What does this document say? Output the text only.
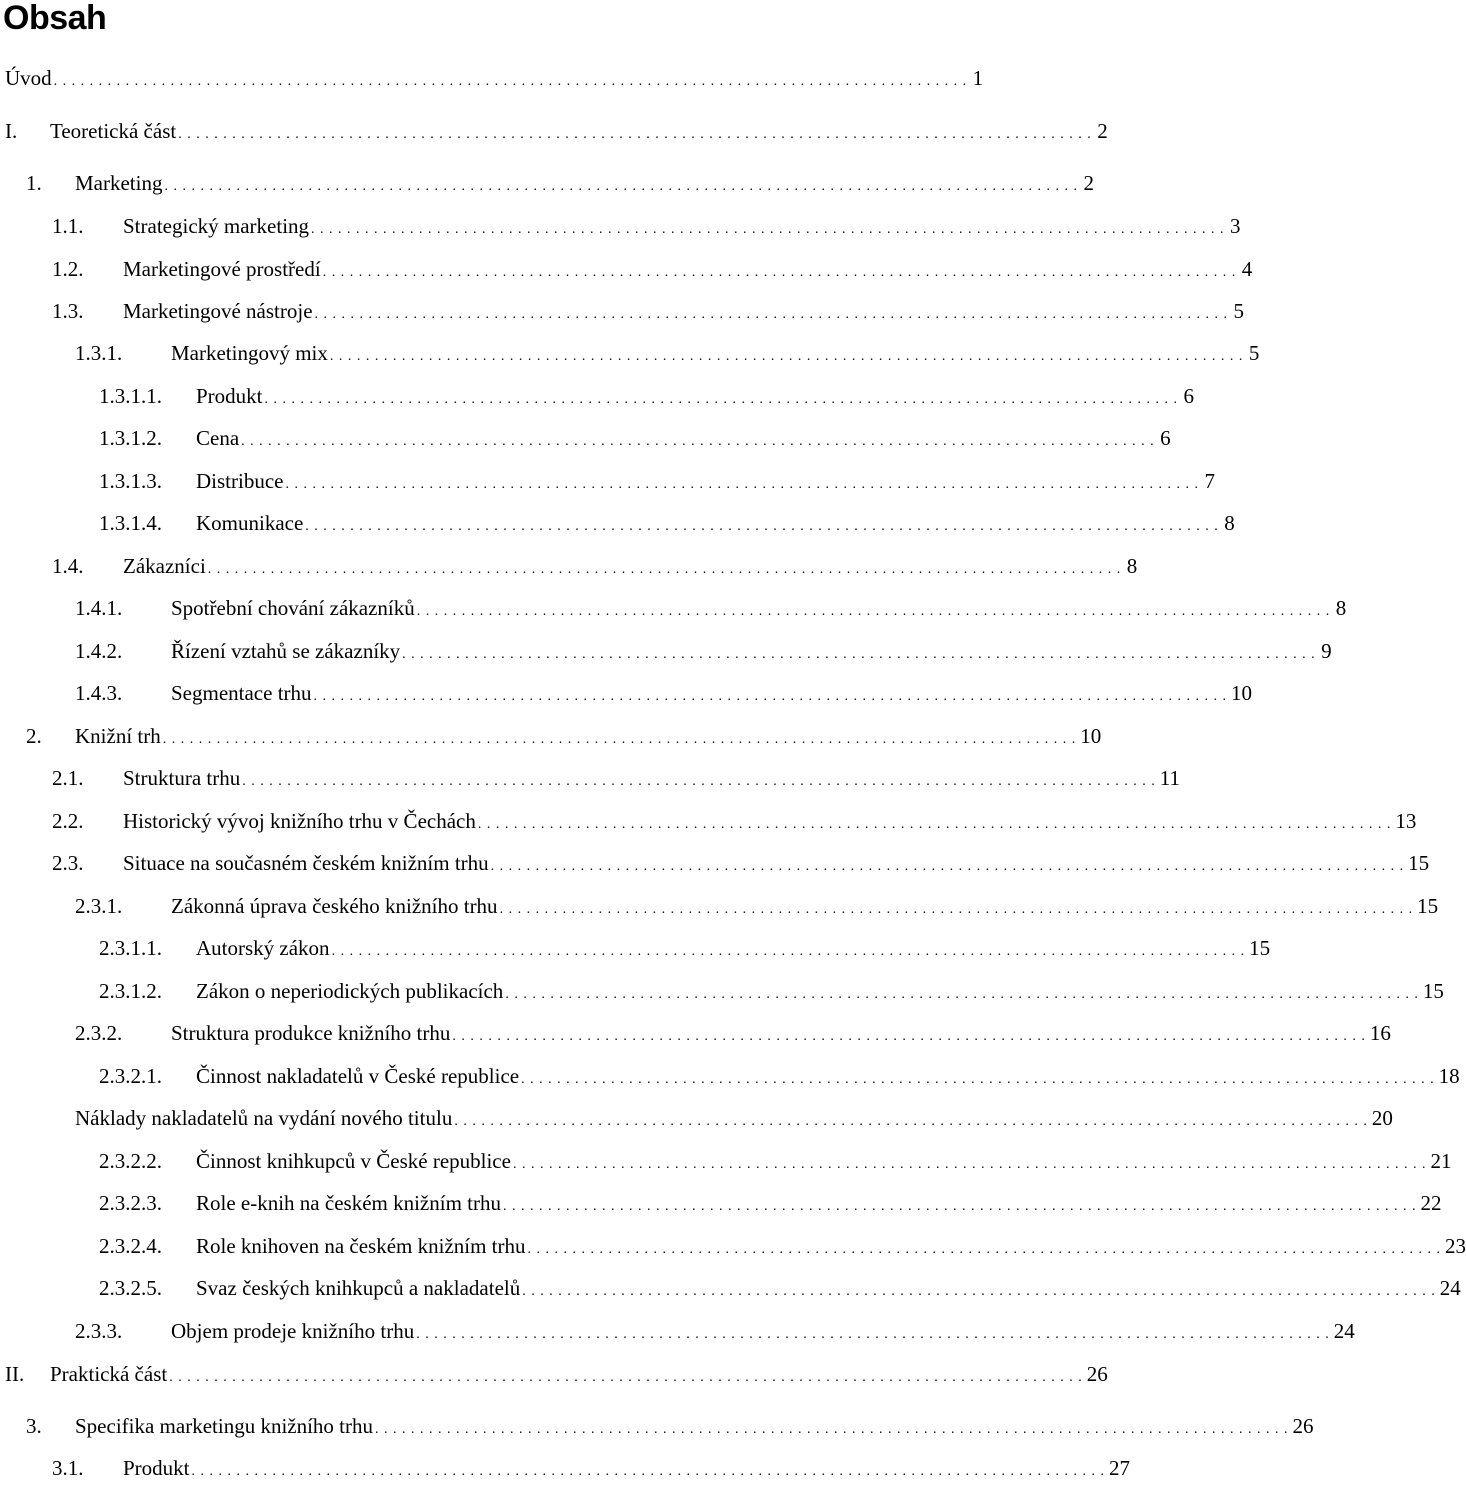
Obsah
Úvod . . . . . . . . . . . . . . . . . . . . . . . . . . . . . . . . . . . . . . . . . . . . . . . . . . . . . . . . . . . . . . . . . . . . . . . . . . . . . . . . . . . . . . . . . . . . . . . . . . . . . . 1
I. Teoretická část . . . . . . . . . . . . . . . . . . . . . . . . . . . . . . . . . . . . . . . . . . . . . . . . . . . . . . . . . . . . . . . . . . . . . . . . . . . . . . . . . . . . . . . . . . . . . . . . . . . . . . 2
1. Marketing . . . . . . . . . . . . . . . . . . . . . . . . . . . . . . . . . . . . . . . . . . . . . . . . . . . . . . . . . . . . . . . . . . . . . . . . . . . . . . . . . . . . . . . . . . . . . . . . . . . . . . 2
1.1. Strategický marketing . . . . . . . . . . . . . . . . . . . . . . . . . . . . . . . . . . . . . . . . . . . . . . . . . . . . . . . . . . . . . . . . . . . . . . . . . . . . . . . . . . . . . . . . . . . . . . . . . . . . . . 3
1.2. Marketingové prostředí . . . . . . . . . . . . . . . . . . . . . . . . . . . . . . . . . . . . . . . . . . . . . . . . . . . . . . . . . . . . . . . . . . . . . . . . . . . . . . . . . . . . . . . . . . . . . . . . . . . . . . 4
1.3. Marketingové nástroje . . . . . . . . . . . . . . . . . . . . . . . . . . . . . . . . . . . . . . . . . . . . . . . . . . . . . . . . . . . . . . . . . . . . . . . . . . . . . . . . . . . . . . . . . . . . . . . . . . . . . . 5
1.3.1. Marketingový mix . . . . . . . . . . . . . . . . . . . . . . . . . . . . . . . . . . . . . . . . . . . . . . . . . . . . . . . . . . . . . . . . . . . . . . . . . . . . . . . . . . . . . . . . . . . . . . . . . . . . . . 5
1.3.1.1. Produkt . . . . . . . . . . . . . . . . . . . . . . . . . . . . . . . . . . . . . . . . . . . . . . . . . . . . . . . . . . . . . . . . . . . . . . . . . . . . . . . . . . . . . . . . . . . . . . . . . . . . . . 6
1.3.1.2. Cena . . . . . . . . . . . . . . . . . . . . . . . . . . . . . . . . . . . . . . . . . . . . . . . . . . . . . . . . . . . . . . . . . . . . . . . . . . . . . . . . . . . . . . . . . . . . . . . . . . . . . . 6
1.3.1.3. Distribuce . . . . . . . . . . . . . . . . . . . . . . . . . . . . . . . . . . . . . . . . . . . . . . . . . . . . . . . . . . . . . . . . . . . . . . . . . . . . . . . . . . . . . . . . . . . . . . . . . . . . . . 7
1.3.1.4. Komunikace . . . . . . . . . . . . . . . . . . . . . . . . . . . . . . . . . . . . . . . . . . . . . . . . . . . . . . . . . . . . . . . . . . . . . . . . . . . . . . . . . . . . . . . . . . . . . . . . . . . . . . 8
1.4. Zákazníci . . . . . . . . . . . . . . . . . . . . . . . . . . . . . . . . . . . . . . . . . . . . . . . . . . . . . . . . . . . . . . . . . . . . . . . . . . . . . . . . . . . . . . . . . . . . . . . . . . . . . . 8
1.4.1. Spotřební chování zákazníků . . . . . . . . . . . . . . . . . . . . . . . . . . . . . . . . . . . . . . . . . . . . . . . . . . . . . . . . . . . . . . . . . . . . . . . . . . . . . . . . . . . . . . . . . . . . . . . . . . . . . . 8
1.4.2. Řízení vztahů se zákazníky . . . . . . . . . . . . . . . . . . . . . . . . . . . . . . . . . . . . . . . . . . . . . . . . . . . . . . . . . . . . . . . . . . . . . . . . . . . . . . . . . . . . . . . . . . . . . . . . . . . . . . 9
1.4.3. Segmentace trhu . . . . . . . . . . . . . . . . . . . . . . . . . . . . . . . . . . . . . . . . . . . . . . . . . . . . . . . . . . . . . . . . . . . . . . . . . . . . . . . . . . . . . . . . . . . . . . . . . . . . . . 10
2. Knižní trh . . . . . . . . . . . . . . . . . . . . . . . . . . . . . . . . . . . . . . . . . . . . . . . . . . . . . . . . . . . . . . . . . . . . . . . . . . . . . . . . . . . . . . . . . . . . . . . . . . . . . . 10
2.1. Struktura trhu . . . . . . . . . . . . . . . . . . . . . . . . . . . . . . . . . . . . . . . . . . . . . . . . . . . . . . . . . . . . . . . . . . . . . . . . . . . . . . . . . . . . . . . . . . . . . . . . . . . . . . 11
2.2. Historický vývoj knižního trhu v Čechách . . . . . . . . . . . . . . . . . . . . . . . . . . . . . . . . . . . . . . . . . . . . . . . . . . . . . . . . . . . . . . . . . . . . . . . . . . . . . . . . . . . . . . . . . . . . . . . . . . . . . . 13
2.3. Situace na současném českém knižním trhu . . . . . . . . . . . . . . . . . . . . . . . . . . . . . . . . . . . . . . . . . . . . . . . . . . . . . . . . . . . . . . . . . . . . . . . . . . . . . . . . . . . . . . . . . . . . . . . . . . . . . . 15
2.3.1. Zákonná úprava českého knižního trhu . . . . . . . . . . . . . . . . . . . . . . . . . . . . . . . . . . . . . . . . . . . . . . . . . . . . . . . . . . . . . . . . . . . . . . . . . . . . . . . . . . . . . . . . . . . . . . . . . . . . . . 15
2.3.1.1. Autorský zákon . . . . . . . . . . . . . . . . . . . . . . . . . . . . . . . . . . . . . . . . . . . . . . . . . . . . . . . . . . . . . . . . . . . . . . . . . . . . . . . . . . . . . . . . . . . . . . . . . . . . . . 15
2.3.1.2. Zákon o neperiodických publikacích . . . . . . . . . . . . . . . . . . . . . . . . . . . . . . . . . . . . . . . . . . . . . . . . . . . . . . . . . . . . . . . . . . . . . . . . . . . . . . . . . . . . . . . . . . . . . . . . . . . . . . 15
2.3.2. Struktura produkce knižního trhu . . . . . . . . . . . . . . . . . . . . . . . . . . . . . . . . . . . . . . . . . . . . . . . . . . . . . . . . . . . . . . . . . . . . . . . . . . . . . . . . . . . . . . . . . . . . . . . . . . . . . . 16
2.3.2.1. Činnost nakladatelů v České republice . . . . . . . . . . . . . . . . . . . . . . . . . . . . . . . . . . . . . . . . . . . . . . . . . . . . . . . . . . . . . . . . . . . . . . . . . . . . . . . . . . . . . . . . . . . . . . . . . . . . . . 18
Náklady nakladatelů na vydání nového titulu . . . . . . . . . . . . . . . . . . . . . . . . . . . . . . . . . . . . . . . . . . . . . . . . . . . . . . . . . . . . . . . . . . . . . . . . . . . . . . . . . . . . . . . . . . . . . . . . . . . . . . 20
2.3.2.2. Činnost knihkupců v České republice . . . . . . . . . . . . . . . . . . . . . . . . . . . . . . . . . . . . . . . . . . . . . . . . . . . . . . . . . . . . . . . . . . . . . . . . . . . . . . . . . . . . . . . . . . . . . . . . . . . . . . 21
2.3.2.3. Role e-knih na českém knižním trhu . . . . . . . . . . . . . . . . . . . . . . . . . . . . . . . . . . . . . . . . . . . . . . . . . . . . . . . . . . . . . . . . . . . . . . . . . . . . . . . . . . . . . . . . . . . . . . . . . . . . . . 22
2.3.2.4. Role knihoven na českém knižním trhu . . . . . . . . . . . . . . . . . . . . . . . . . . . . . . . . . . . . . . . . . . . . . . . . . . . . . . . . . . . . . . . . . . . . . . . . . . . . . . . . . . . . . . . . . . . . . . . . . . . . . . 23
2.3.2.5. Svaz českých knihkupců a nakladatelů . . . . . . . . . . . . . . . . . . . . . . . . . . . . . . . . . . . . . . . . . . . . . . . . . . . . . . . . . . . . . . . . . . . . . . . . . . . . . . . . . . . . . . . . . . . . . . . . . . . . . . 24
2.3.3. Objem prodeje knižního trhu . . . . . . . . . . . . . . . . . . . . . . . . . . . . . . . . . . . . . . . . . . . . . . . . . . . . . . . . . . . . . . . . . . . . . . . . . . . . . . . . . . . . . . . . . . . . . . . . . . . . . . 24
II. Praktická část . . . . . . . . . . . . . . . . . . . . . . . . . . . . . . . . . . . . . . . . . . . . . . . . . . . . . . . . . . . . . . . . . . . . . . . . . . . . . . . . . . . . . . . . . . . . . . . . . . . . . . 26
3. Specifika marketingu knižního trhu . . . . . . . . . . . . . . . . . . . . . . . . . . . . . . . . . . . . . . . . . . . . . . . . . . . . . . . . . . . . . . . . . . . . . . . . . . . . . . . . . . . . . . . . . . . . . . . . . . . . . . 26
3.1. Produkt . . . . . . . . . . . . . . . . . . . . . . . . . . . . . . . . . . . . . . . . . . . . . . . . . . . . . . . . . . . . . . . . . . . . . . . . . . . . . . . . . . . . . . . . . . . . . . . . . . . . . . 27
